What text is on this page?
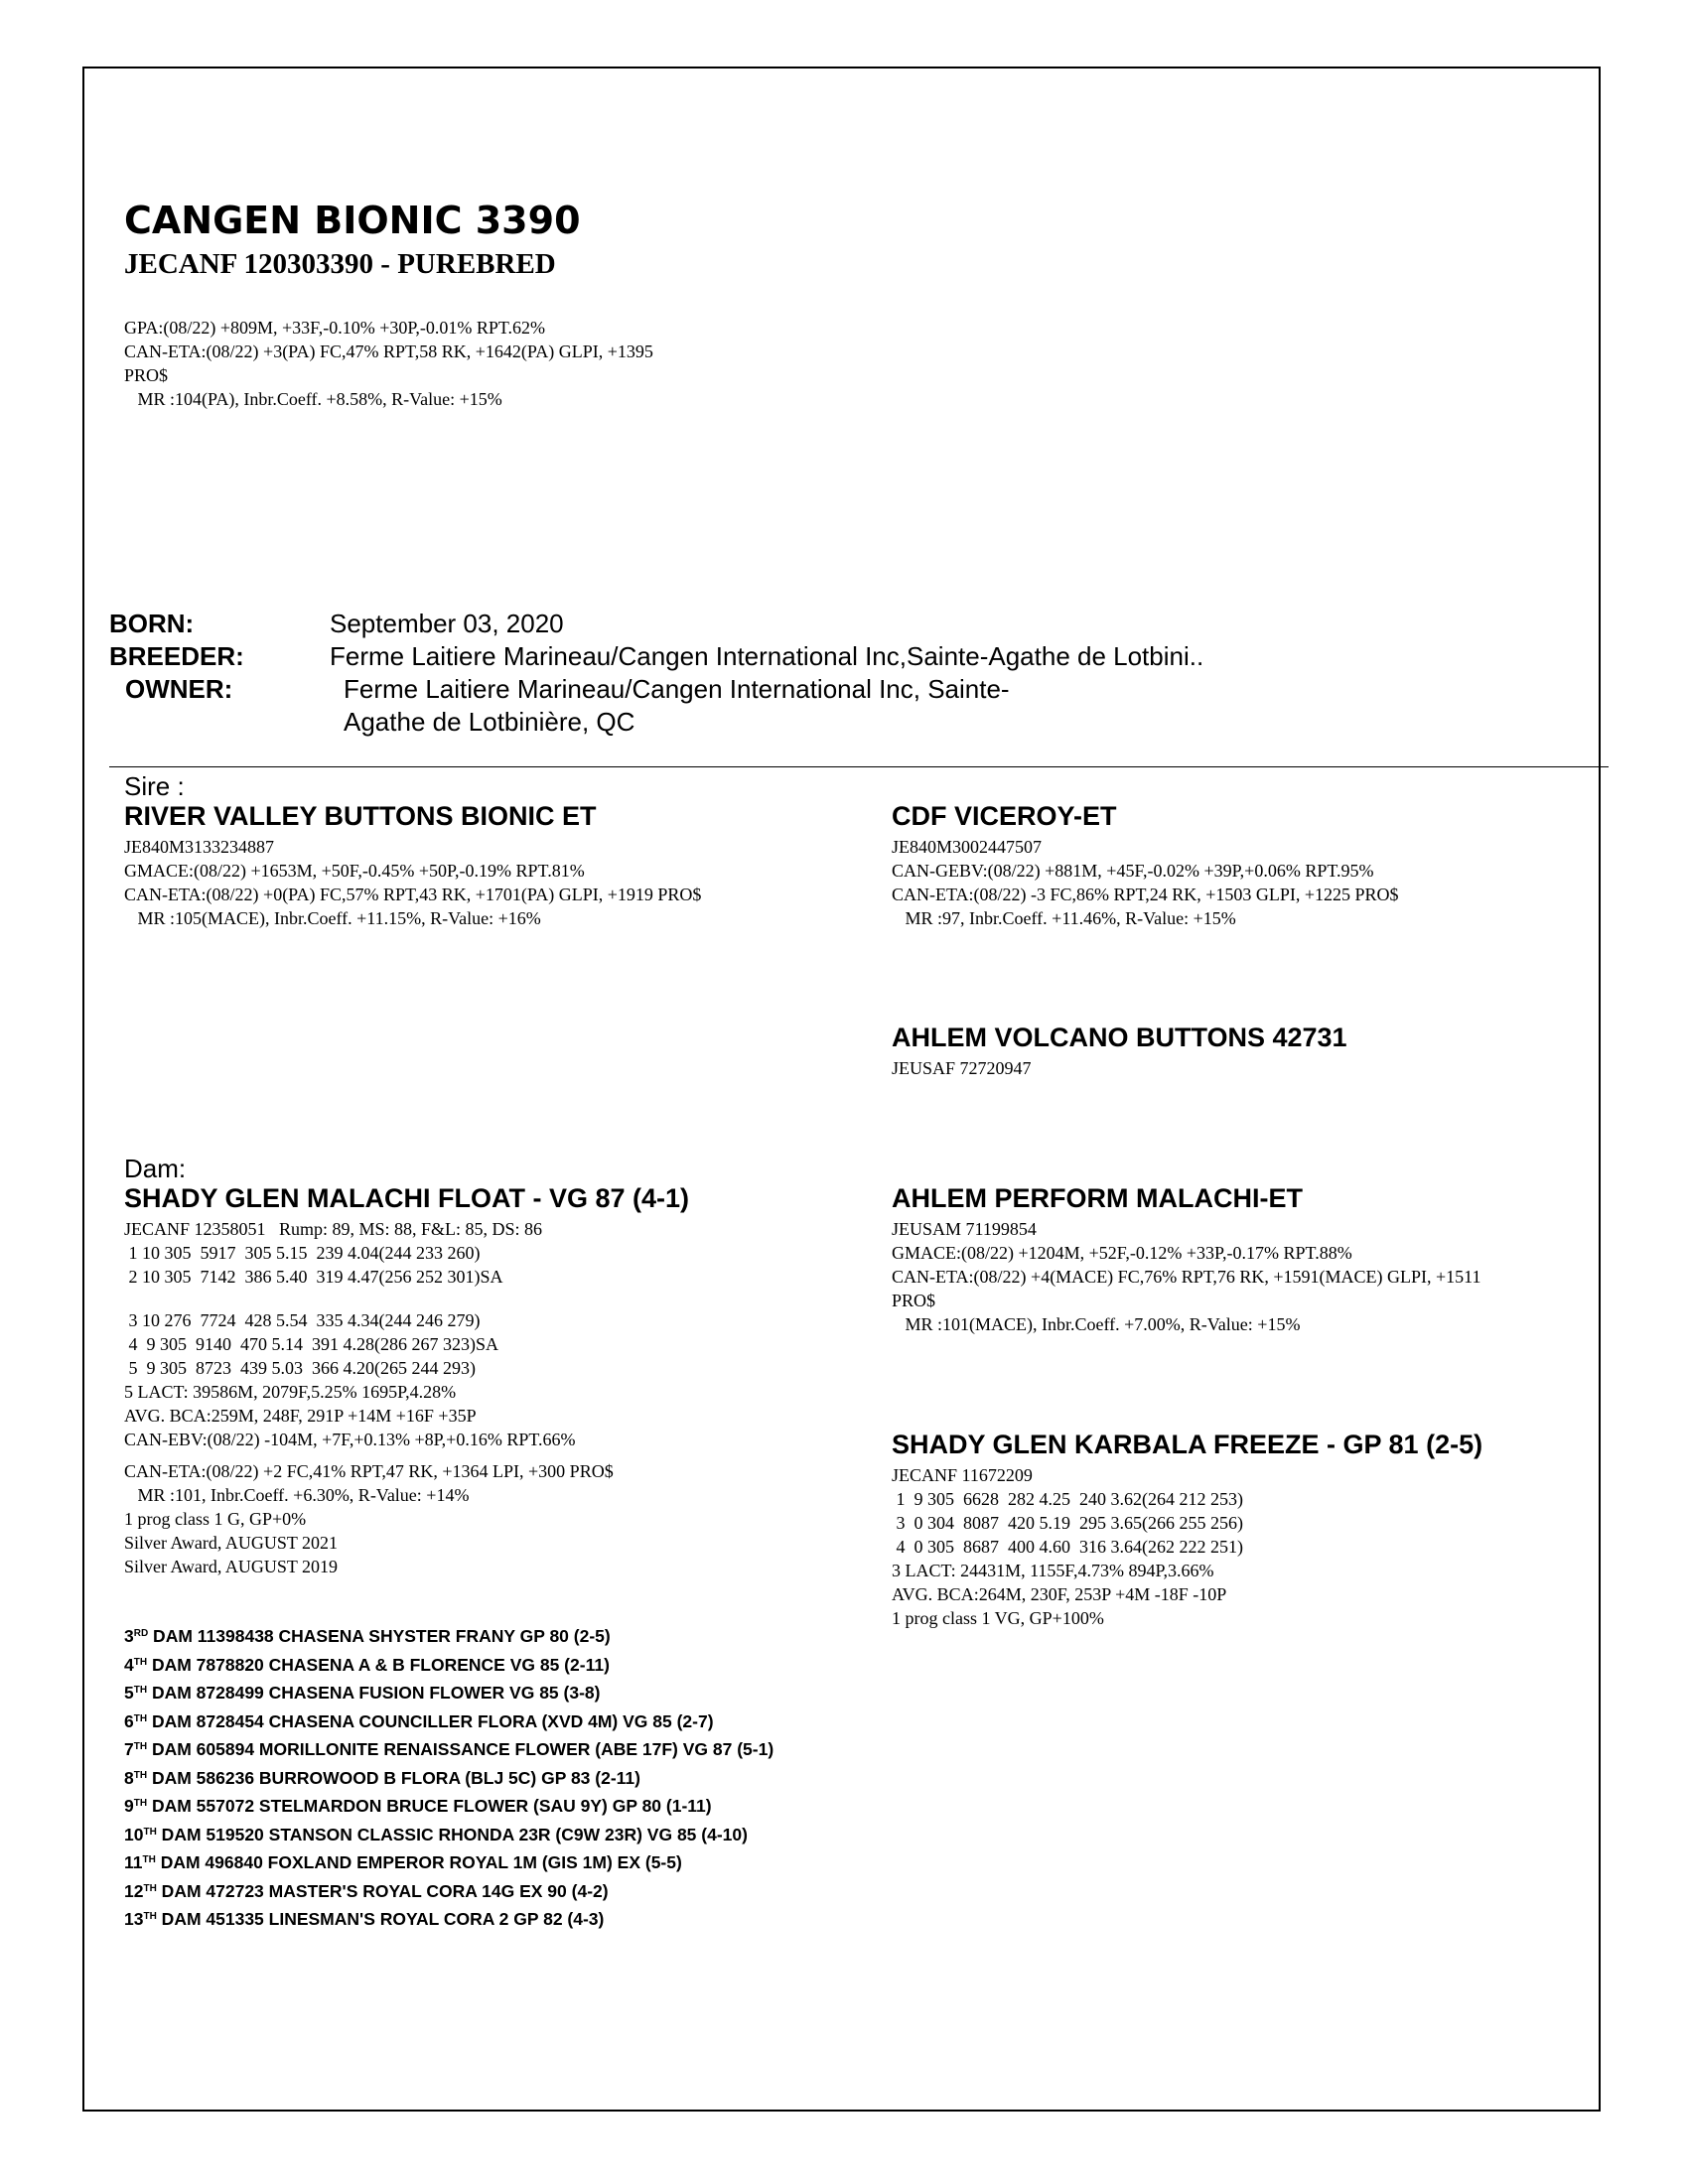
CANGEN BIONIC 3390
JECANF 120303390 - PUREBRED
GPA:(08/22) +809M, +33F,-0.10% +30P,-0.01% RPT.62%
CAN-ETA:(08/22) +3(PA) FC,47% RPT,58 RK, +1642(PA) GLPI, +1395
PRO$
MR :104(PA), Inbr.Coeff. +8.58%, R-Value: +15%
BORN:	September 03, 2020
BREEDER:	Ferme Laitiere Marineau/Cangen International Inc,Sainte-Agathe de Lotbini..
OWNER:	Ferme Laitiere Marineau/Cangen International Inc, Sainte-
Agathe de Lotbinière, QC
Sire :
RIVER VALLEY BUTTONS BIONIC ET
JE840M3133234887
GMACE:(08/22) +1653M, +50F,-0.45% +50P,-0.19% RPT.81%
CAN-ETA:(08/22) +0(PA) FC,57% RPT,43 RK, +1701(PA) GLPI, +1919 PRO$
MR :105(MACE), Inbr.Coeff. +11.15%, R-Value: +16%
CDF VICEROY-ET
JE840M3002447507
CAN-GEBV:(08/22) +881M, +45F,-0.02% +39P,+0.06% RPT.95%
CAN-ETA:(08/22) -3 FC,86% RPT,24 RK, +1503 GLPI, +1225 PRO$
MR :97, Inbr.Coeff. +11.46%, R-Value: +15%
AHLEM VOLCANO BUTTONS 42731
JEUSAF 72720947
Dam:
SHADY GLEN MALACHI FLOAT - VG 87 (4-1)
JECANF 12358051   Rump: 89, MS: 88, F&L: 85, DS: 86
1 10 305  5917  305 5.15  239 4.04(244 233 260)
2 10 305  7142  386 5.40  319 4.47(256 252 301)SA
3 10 276  7724  428 5.54  335 4.34(244 246 279)
4  9 305  9140  470 5.14  391 4.28(286 267 323)SA
5  9 305  8723  439 5.03  366 4.20(265 244 293)
5 LACT: 39586M, 2079F,5.25% 1695P,4.28%
AVG. BCA:259M, 248F, 291P +14M +16F +35P
CAN-EBV:(08/22) -104M, +7F,+0.13% +8P,+0.16% RPT.66%
CAN-ETA:(08/22) +2 FC,41% RPT,47 RK, +1364 LPI, +300 PRO$
MR :101, Inbr.Coeff. +6.30%, R-Value: +14%
1 prog class 1 G, GP+0%
Silver Award, AUGUST 2021
Silver Award, AUGUST 2019
AHLEM PERFORM MALACHI-ET
JEUSAM 71199854
GMACE:(08/22) +1204M, +52F,-0.12% +33P,-0.17% RPT.88%
CAN-ETA:(08/22) +4(MACE) FC,76% RPT,76 RK, +1591(MACE) GLPI, +1511
PRO$
MR :101(MACE), Inbr.Coeff. +7.00%, R-Value: +15%
SHADY GLEN KARBALA FREEZE - GP 81 (2-5)
JECANF 11672209
1  9 305  6628  282 4.25  240 3.62(264 212 253)
3  0 304  8087  420 5.19  295 3.65(266 255 256)
4  0 305  8687  400 4.60  316 3.64(262 222 251)
3 LACT: 24431M, 1155F,4.73% 894P,3.66%
AVG. BCA:264M, 230F, 253P +4M -18F -10P
1 prog class 1 VG, GP+100%
3RD DAM 11398438 CHASENA SHYSTER FRANY GP 80 (2-5)
4TH DAM 7878820 CHASENA A & B FLORENCE VG 85 (2-11)
5TH DAM 8728499 CHASENA FUSION FLOWER VG 85 (3-8)
6TH DAM 8728454 CHASENA COUNCILLER FLORA (XVD 4M) VG 85 (2-7)
7TH DAM 605894 MORILLONITE RENAISSANCE FLOWER (ABE 17F) VG 87 (5-1)
8TH DAM 586236 BURROWOOD B FLORA (BLJ 5C) GP 83 (2-11)
9TH DAM 557072 STELMARDON BRUCE FLOWER (SAU 9Y) GP 80 (1-11)
10TH DAM 519520 STANSON CLASSIC RHONDA 23R (C9W 23R) VG 85 (4-10)
11TH DAM 496840 FOXLAND EMPEROR ROYAL 1M (GIS 1M) EX (5-5)
12TH DAM 472723 MASTER'S ROYAL CORA 14G EX 90 (4-2)
13TH DAM 451335 LINESMAN'S ROYAL CORA 2 GP 82 (4-3)
